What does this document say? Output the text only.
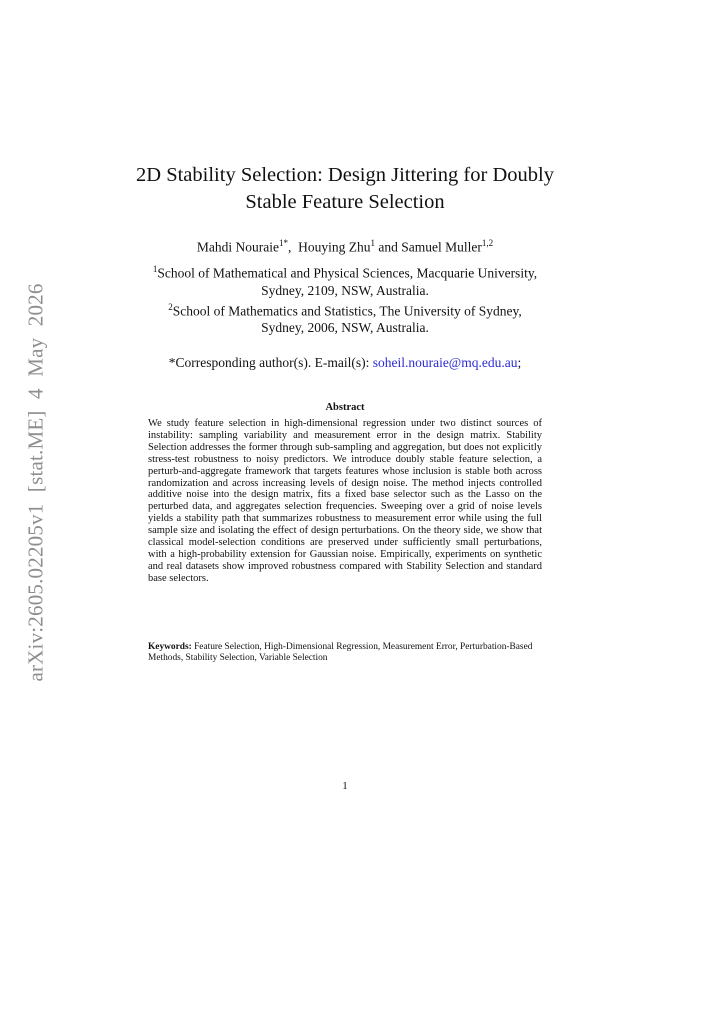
arXiv:2605.02205v1 [stat.ME] 4 May 2026
2D Stability Selection: Design Jittering for Doubly Stable Feature Selection
Mahdi Nouraie$^{1*}$,  Houying Zhu$^1$ and Samuel Muller$^{1,2}$
$^1$School of Mathematical and Physical Sciences, Macquarie University,
Sydney, 2109, NSW, Australia.
$^2$School of Mathematics and Statistics, The University of Sydney,
Sydney, 2006, NSW, Australia.
*Corresponding author(s). E-mail(s): soheil.nouraie@mq.edu.au;
Abstract

We study feature selection in high-dimensional regression under two distinct sources of instability: sampling variability and measurement error in the design matrix. Stability Selection addresses the former through sub-sampling and aggregation, but does not explicitly stress-test robustness to noisy predictors. We introduce doubly stable feature selection, a perturb-and-aggregate framework that targets features whose inclusion is stable both across randomization and across increasing levels of design noise. The method injects controlled additive noise into the design matrix, fits a fixed base selector such as the Lasso on the perturbed data, and aggregates selection frequencies. Sweeping over a grid of noise levels yields a stability path that summarizes robustness to measurement error while using the full sample size and isolating the effect of design perturbations. On the theory side, we show that classical model-selection conditions are preserved under sufficiently small perturbations, with a high-probability extension for Gaussian noise. Empirically, experiments on synthetic and real datasets show improved robustness compared with Stability Selection and standard base selectors.

Keywords: Feature Selection, High-Dimensional Regression, Measurement Error, Perturbation-Based Methods, Stability Selection, Variable Selection
1
